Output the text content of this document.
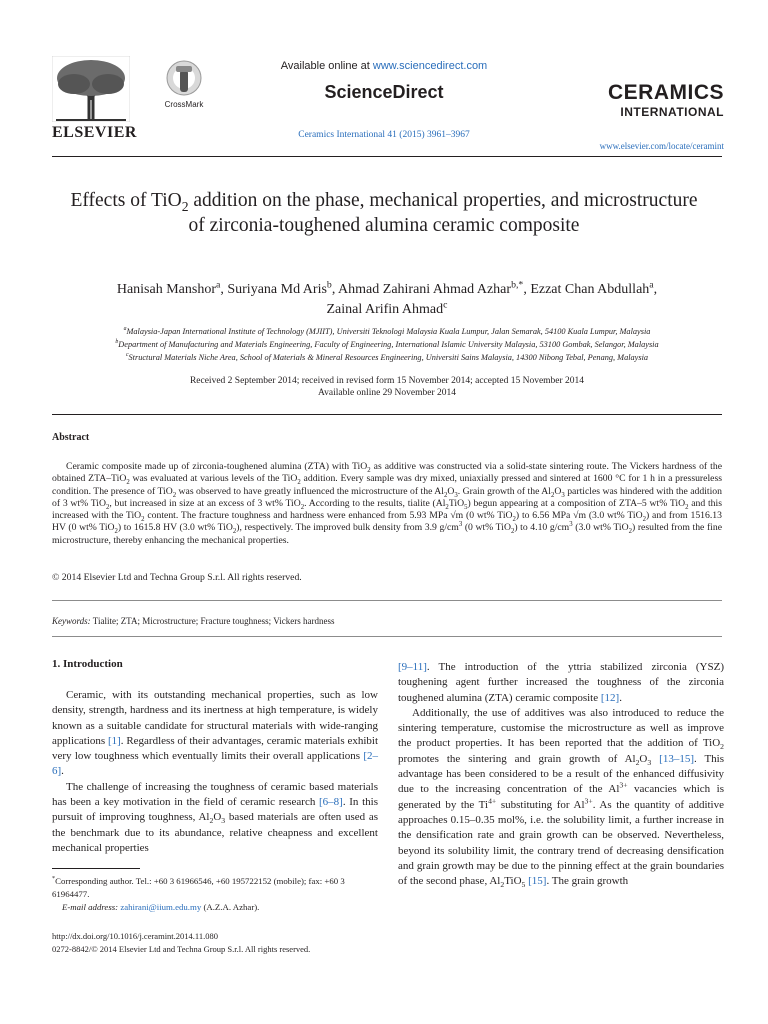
ELSEVIER
CrossMark
Available online at www.sciencedirect.com
ScienceDirect
Ceramics International 41 (2015) 3961–3967
CERAMICS
INTERNATIONAL
www.elsevier.com/locate/ceramint
Effects of TiO$_2$ addition on the phase, mechanical properties, and microstructure of zirconia-toughened alumina ceramic composite
Hanisah Manshor$^a$, Suriyana Md Aris$^b$, Ahmad Zahirani Ahmad Azhar$^{b,*}$, Ezzat Chan Abdullah$^a$,
Zainal Arifin Ahmad$^c$
$^a$Malaysia-Japan International Institute of Technology (MJIIT), Universiti Teknologi Malaysia Kuala Lumpur, Jalan Semarak, 54100 Kuala Lumpur, Malaysia
$^b$Department of Manufacturing and Materials Engineering, Faculty of Engineering, International Islamic University Malaysia, 53100 Gombak, Selangor, Malaysia
$^c$Structural Materials Niche Area, School of Materials & Mineral Resources Engineering, Universiti Sains Malaysia, 14300 Nibong Tebal, Penang, Malaysia
Received 2 September 2014; received in revised form 15 November 2014; accepted 15 November 2014
Available online 29 November 2014
Abstract
Ceramic composite made up of zirconia-toughened alumina (ZTA) with TiO$_2$ as additive was constructed via a solid-state sintering route. The Vickers hardness of the obtained ZTA–TiO$_2$ was evaluated at various levels of the TiO$_2$ addition. Every sample was dry mixed, uniaxially pressed and sintered at 1600 °C for 1 h in a pressureless condition. The presence of TiO$_2$ was observed to have greatly influenced the microstructure of the $Al_2O_3$. Grain growth of the $Al_2O_3$ particles was hindered with the addition of 3 wt% TiO$_2$, but increased in size at an excess of 3 wt% TiO$_2$. According to the results, tialite $(Al_2TiO_5)$ begun appearing at a composition of ZTA–5 wt% TiO$_2$ and this increased with the TiO$_2$ content. The fracture toughness and hardness were enhanced from 5.93 MPa √m (0 wt% TiO$_2$) to 6.56 MPa √m (3.0 wt% TiO$_2$) and from 1516.13 HV (0 wt% TiO$_2$) to 1615.8 HV (3.0 wt% TiO$_2$), respectively. The improved bulk density from 3.9 $g/cm^3$ (0 wt% TiO$_2$) to 4.10 $g/cm^3$ (3.0 wt% TiO$_2$) resulted from the fine microstructure, thereby enhancing the mechanical properties.
© 2014 Elsevier Ltd and Techna Group S.r.l. All rights reserved.
Keywords: Tialite; ZTA; Microstructure; Fracture toughness; Vickers hardness
1. Introduction

Ceramic, with its outstanding mechanical properties, such as low density, strength, hardness and its inertness at high temperature, is widely known as a suitable candidate for structural materials with wide-ranging applications [1]. Regardless of their advantages, ceramic materials exhibit very low toughness which eventually limits their overall applications [2–6].

The challenge of increasing the toughness of ceramic based materials has been a key motivation in the field of ceramic research [6–8]. In this pursuit of improving toughness, $Al_2O_3$ based materials are often used as the benchmark due to its abundance, relative cheapness and excellent mechanical properties

[9–11]. The introduction of the yttria stabilized zirconia (YSZ) toughening agent further increased the toughness of the zirconia toughened alumina (ZTA) ceramic composite [12].

Additionally, the use of additives was also introduced to reduce the sintering temperature, customise the microstructure as well as improve the product properties. It has been reported that the addition of TiO$_2$ promotes the sintering and grain growth of $Al_2O_3$ [13–15]. This advantage has been considered to be a result of the enhanced diffusivity due to the increasing concentration of the $Al^{3+}$ vacancies which is generated by the $Ti^{4+}$ substituting for $Al^{3+}$. As the quantity of additive approaches 0.15–0.35 mol%, i.e. the solubility limit, a further increase in the densification rate and grain growth can be observed. Nevertheless, beyond its solubility limit, the contrary trend of decreasing densification and grain growth may be due to the pinning effect at the grain boundaries of the second phase, $Al_2TiO_5$ [15]. The grain growth

*Corresponding author. Tel.: +60 3 61966546, +60 195722152 (mobile); fax: +60 3 61964477.
E-mail address: zahirani@iium.edu.my (A.Z.A. Azhar).
http://dx.doi.org/10.1016/j.ceramint.2014.11.080
0272-8842/© 2014 Elsevier Ltd and Techna Group S.r.l. All rights reserved.
